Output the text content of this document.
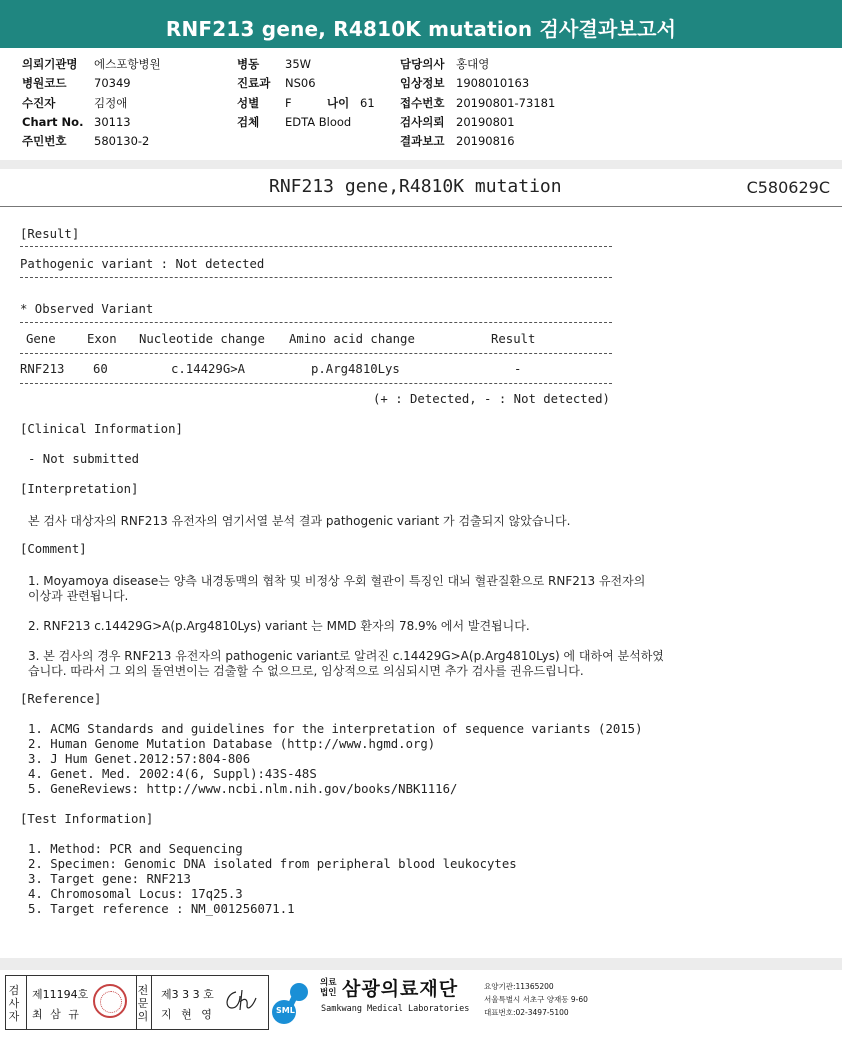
RNF213 gene, R4810K mutation 검사결과보고서
의뢰기관명 에스포항병원
병원코드 70349
수진자	김정애
Chart No. 30113
주민번호 580130-2
병동 35W
진료과 NS06
성별 F	나이 61
검체 EDTA Blood
담당의사 홍대영
임상정보 1908010163
접수번호 20190801-73181
검사의뢰 20190801
결과보고 20190816
RNF213 gene,R4810K mutation	C580629C
[Result]
Pathogenic variant : Not detected
* Observed Variant
Gene	Exon Nucleotide change Amino acid change	Result
RNF213 60	c.14429G>A	p.Arg4810Lys	-
(+ : Detected, - : Not detected)
[Clinical Information]
- Not submitted
[Interpretation]
본 검사 대상자의 RNF213 유전자의 염기서열 분석 결과 pathogenic variant 가 검출되지 않았습니다.
[Comment]
1. Moyamoya disease는 양측 내경동맥의 협착 및 비정상 우회 혈관이 특징인 대뇌 혈관질환으로 RNF213 유전자의
이상과 관련됩니다.
2. RNF213 c.14429G>A(p.Arg4810Lys) variant 는 MMD 환자의 78.9% 에서 발견됩니다.
3. 본 검사의 경우 RNF213 유전자의 pathogenic variant로 알려진 c.14429G>A(p.Arg4810Lys) 에 대하여 분석하였
습니다. 따라서 그 외의 돌연변이는 검출할 수 없으므로, 임상적으로 의심되시면 추가 검사를 권유드립니다.
[Reference]
1. ACMG Standards and guidelines for the interpretation of sequence variants (2015)
2. Human Genome Mutation Database (http://www.hgmd.org)
3. J Hum Genet.2012:57:804-806
4. Genet. Med. 2002:4(6, Suppl):43S-48S
5. GeneReviews: http://www.ncbi.nlm.nih.gov/books/NBK1116/
[Test Information]
1. Method: PCR and Sequencing
2. Specimen: Genomic DNA isolated from peripheral blood leukocytes
3. Target gene: RNF213
4. Chromosomal Locus: 17q25.3
5. Target reference : NM_001256071.1
검
사
자
제11194호
최 삼 규
전
문
의
제3 3 3 호
지 현 영	SML
의료
법인 삼광의료재단
Samkwang Medical Laboratories
요양기관:11365200
서울특별시 서초구 양재동 9-60
대표번호:02-3497-5100
